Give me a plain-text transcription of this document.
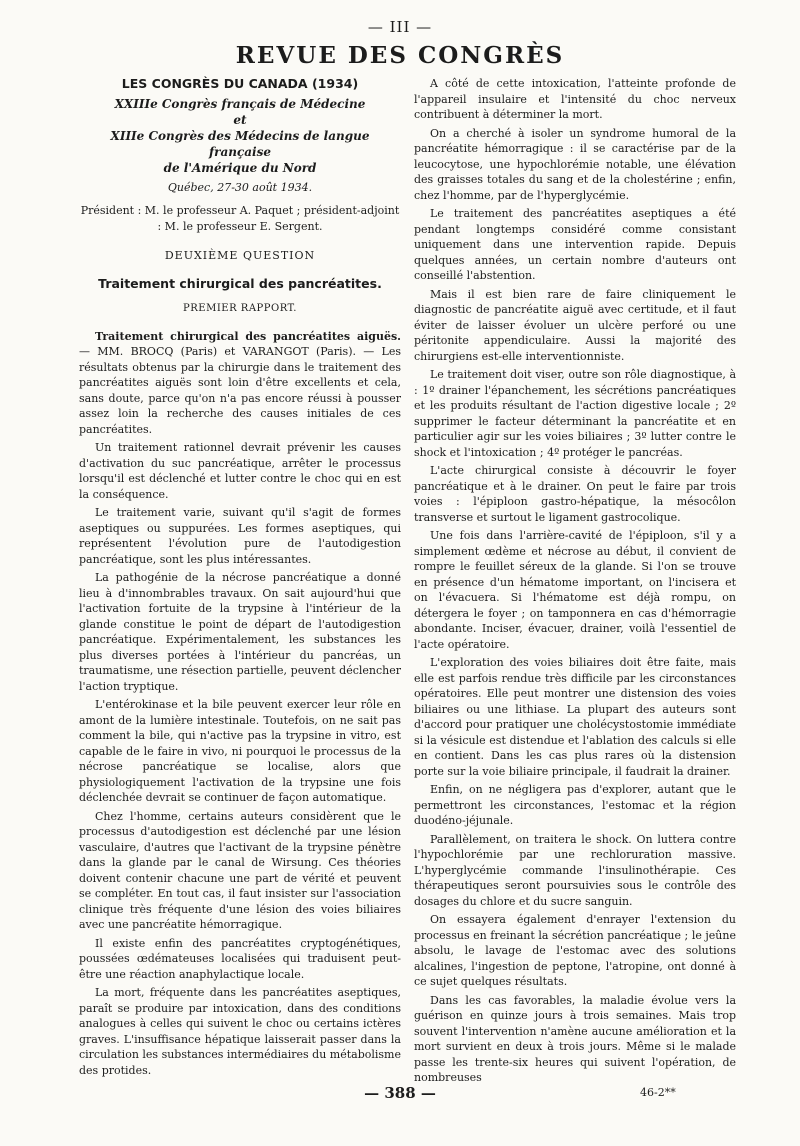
— III —
REVUE DES CONGRÈS
LES CONGRÈS DU CANADA (1934)
XXIIIe Congrès français de Médecine
et
XIIIe Congrès des Médecins de langue française
de l'Amérique du Nord
Québec, 27-30 août 1934.
Président : M. le professeur A. Paquet ; président-adjoint : M. le professeur E. Sergent.
DEUXIÈME QUESTION
Traitement chirurgical des pancréatites.
PREMIER RAPPORT.

Traitement chirurgical des pancréatites aiguës. — MM. BROCQ (Paris) et VARANGOT (Paris). — Les résultats obtenus par la chirurgie dans le traitement des pancréatites aiguës sont loin d'être excellents et cela, sans doute, parce qu'on n'a pas encore réussi à pousser assez loin la recherche des causes initiales de ces pancréatites.

Un traitement rationnel devrait prévenir les causes d'activation du suc pancréatique, arrêter le processus lorsqu'il est déclenché et lutter contre le choc qui en est la conséquence.

Le traitement varie, suivant qu'il s'agit de formes aseptiques ou suppurées. Les formes aseptiques, qui représentent l'évolution pure de l'autodigestion pancréatique, sont les plus intéressantes.

La pathogénie de la nécrose pancréatique a donné lieu à d'innombrables travaux. On sait aujourd'hui que l'activation fortuite de la trypsine à l'intérieur de la glande constitue le point de départ de l'autodigestion pancréatique. Expérimentalement, les substances les plus diverses portées à l'intérieur du pancréas, un traumatisme, une résection partielle, peuvent déclencher l'action tryptique.

L'entérokinase et la bile peuvent exercer leur rôle en amont de la lumière intestinale. Toutefois, on ne sait pas comment la bile, qui n'active pas la trypsine in vitro, est capable de le faire in vivo, ni pourquoi le processus de la nécrose pancréatique se localise, alors que physiologiquement l'activation de la trypsine une fois déclenchée devrait se continuer de façon automatique.

Chez l'homme, certains auteurs considèrent que le processus d'autodigestion est déclenché par une lésion vasculaire, d'autres que l'activant de la trypsine pénètre dans la glande par le canal de Wirsung. Ces théories doivent contenir chacune une part de vérité et peuvent se compléter. En tout cas, il faut insister sur l'association clinique très fréquente d'une lésion des voies biliaires avec une pancréatite hémorragique.

Il existe enfin des pancréatites cryptogénétiques, poussées œdémateuses localisées qui traduisent peut-être une réaction anaphylactique locale.

La mort, fréquente dans les pancréatites aseptiques, paraît se produire par intoxication, dans des conditions analogues à celles qui suivent le choc ou certains ictères graves. L'insuffisance hépatique laisserait passer dans la circulation les substances intermédiaires du métabolisme des protides.

A côté de cette intoxication, l'atteinte profonde de l'appareil insulaire et l'intensité du choc nerveux contribuent à déterminer la mort.

On a cherché à isoler un syndrome humoral de la pancréatite hémorragique : il se caractérise par de la leucocytose, une hypochlorémie notable, une élévation des graisses totales du sang et de la cholestérine ; enfin, chez l'homme, par de l'hyperglycémie.

Le traitement des pancréatites aseptiques a été pendant longtemps considéré comme consistant uniquement dans une intervention rapide. Depuis quelques années, un certain nombre d'auteurs ont conseillé l'abstention.

Mais il est bien rare de faire cliniquement le diagnostic de pancréatite aiguë avec certitude, et il faut éviter de laisser évoluer un ulcère perforé ou une péritonite appendiculaire. Aussi la majorité des chirurgiens est-elle interventionniste.

Le traitement doit viser, outre son rôle diagnostique, à : 1º drainer l'épanchement, les sécrétions pancréatiques et les produits résultant de l'action digestive locale ; 2º supprimer le facteur déterminant la pancréatite et en particulier agir sur les voies biliaires ; 3º lutter contre le shock et l'intoxication ; 4º protéger le pancréas.

L'acte chirurgical consiste à découvrir le foyer pancréatique et à le drainer. On peut le faire par trois voies : l'épiploon gastro-hépatique, la mésocôlon transverse et surtout le ligament gastrocolique.

Une fois dans l'arrière-cavité de l'épiploon, s'il y a simplement œdème et nécrose au début, il convient de rompre le feuillet séreux de la glande. Si l'on se trouve en présence d'un hématome important, on l'incisera et on l'évacuera. Si l'hématome est déjà rompu, on détergera le foyer ; on tamponnera en cas d'hémorragie abondante. Inciser, évacuer, drainer, voilà l'essentiel de l'acte opératoire.

L'exploration des voies biliaires doit être faite, mais elle est parfois rendue très difficile par les circonstances opératoires. Elle peut montrer une distension des voies biliaires ou une lithiase. La plupart des auteurs sont d'accord pour pratiquer une cholécystostomie immédiate si la vésicule est distendue et l'ablation des calculs si elle en contient. Dans les cas plus rares où la distension porte sur la voie biliaire principale, il faudrait la drainer.

Enfin, on ne négligera pas d'explorer, autant que le permettront les circonstances, l'estomac et la région duodéno-jéjunale.

Parallèlement, on traitera le shock. On luttera contre l'hypochlorémie par une rechloruration massive. L'hyperglycémie commande l'insulinothérapie. Ces thérapeutiques seront poursuivies sous le contrôle des dosages du chlore et du sucre sanguin.

On essayera également d'enrayer l'extension du processus en freinant la sécrétion pancréatique ; le jeûne absolu, le lavage de l'estomac avec des solutions alcalines, l'ingestion de peptone, l'atropine, ont donné à ce sujet quelques résultats.

Dans les cas favorables, la maladie évolue vers la guérison en quinze jours à trois semaines. Mais trop souvent l'intervention n'amène aucune amélioration et la mort survient en deux à trois jours. Même si le malade passe les trente-six heures qui suivent l'opération, de nombreuses

— 388 —	46-2**
